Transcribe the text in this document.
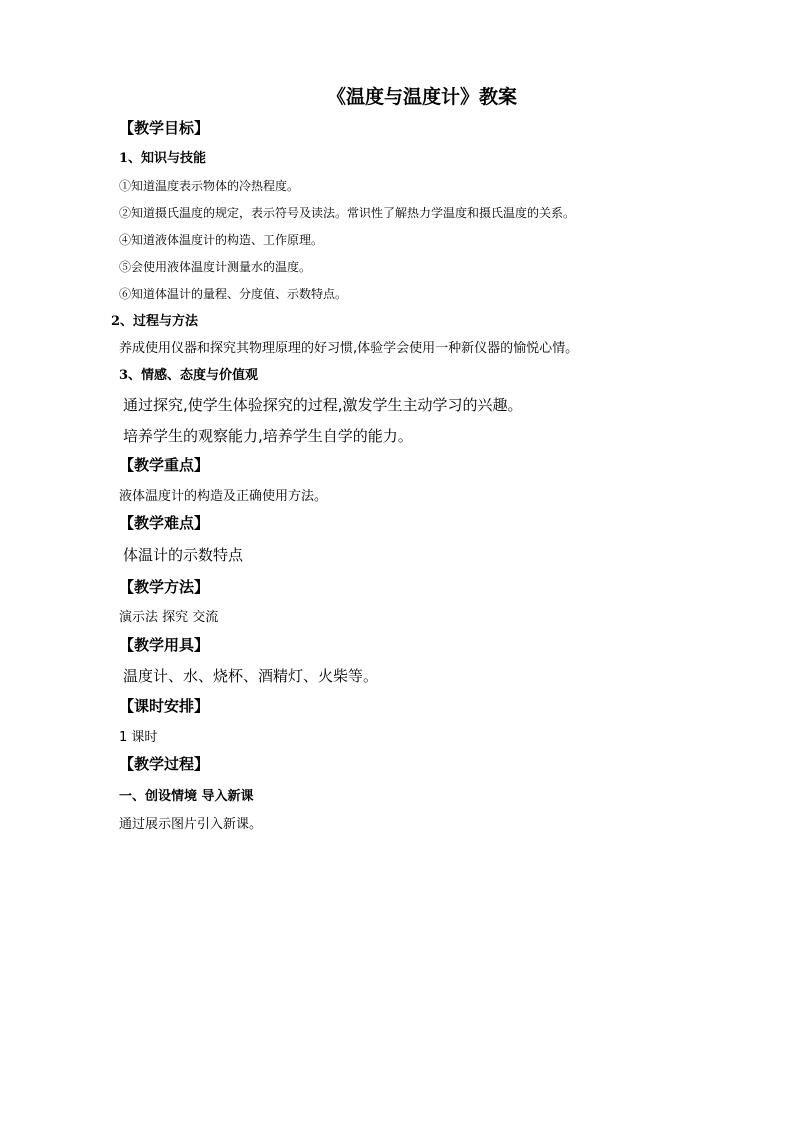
《温度与温度计》教案
【教学目标】
1、知识与技能
①知道温度表示物体的冷热程度。
②知道摄氏温度的规定，表示符号及读法。常识性了解热力学温度和摄氏温度的关系。
④知道液体温度计的构造、工作原理。
⑤会使用液体温度计测量水的温度。
⑥知道体温计的量程、分度值、示数特点。
2、过程与方法
养成使用仪器和探究其物理原理的好习惯,体验学会使用一种新仪器的愉悦心情。
3、情感、态度与价值观
通过探究,使学生体验探究的过程,激发学生主动学习的兴趣。
培养学生的观察能力,培养学生自学的能力。
【教学重点】
液体温度计的构造及正确使用方法。
【教学难点】
体温计的示数特点
【教学方法】
演示法 探究 交流
【教学用具】
温度计、水、烧杯、酒精灯、火柴等。
【课时安排】
1 课时
【教学过程】
一、创设情境 导入新课
通过展示图片引入新课。
